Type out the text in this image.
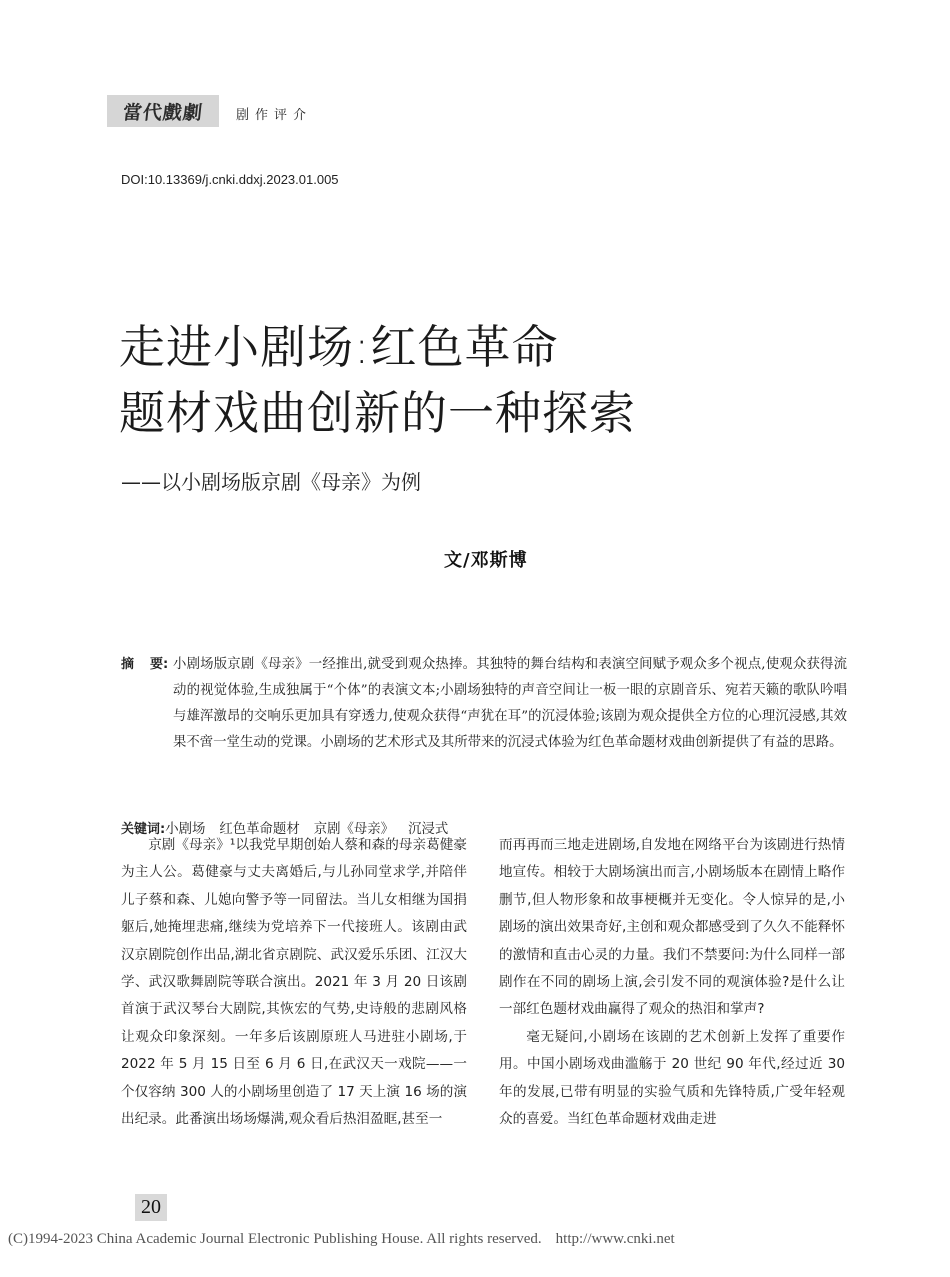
當代戲劇 剧作评介
DOI:10.13369/j.cnki.ddxj.2023.01.005
走进小剧场:红色革命
题材戏曲创新的一种探索
——以小剧场版京剧《母亲》为例
文/邓斯博
摘 要: 小剧场版京剧《母亲》一经推出,就受到观众热捧。其独特的舞台结构和表演空间赋予观众多个视点,使观众获得流动的视觉体验,生成独属于“个体”的表演文本;小剧场独特的声音空间让一板一眼的京剧音乐、宛若天籁的歌队吟唱与雄浑激昂的交响乐更加具有穿透力,使观众获得“声犹在耳”的沉浸体验;该剧为观众提供全方位的心理沉浸感,其效果不啻一堂生动的党课。小剧场的艺术形式及其所带来的沉浸式体验为红色革命题材戏曲创新提供了有益的思路。
关键词:小剧场 红色革命题材 京剧《母亲》 沉浸式

京剧《母亲》¹以我党早期创始人蔡和森的母亲葛健豪为主人公。葛健豪与丈夫离婚后,与儿孙同堂求学,并陪伴儿子蔡和森、儿媳向警予等一同留法。当儿女相继为国捐躯后,她掩埋悲痛,继续为党培养下一代接班人。该剧由武汉京剧院创作出品,湖北省京剧院、武汉爱乐乐团、江汉大学、武汉歌舞剧院等联合演出。2021 年 3 月 20 日该剧首演于武汉琴台大剧院,其恢宏的气势,史诗般的悲剧风格让观众印象深刻。一年多后该剧原班人马进驻小剧场,于 2022 年 5 月 15 日至 6 月 6 日,在武汉天一戏院——一个仅容纳 300 人的小剧场里创造了 17 天上演 16 场的演出纪录。此番演出场场爆满,观众看后热泪盈眶,甚至一

而再再而三地走进剧场,自发地在网络平台为该剧进行热情地宣传。相较于大剧场演出而言,小剧场版本在剧情上略作删节,但人物形象和故事梗概并无变化。令人惊异的是,小剧场的演出效果奇好,主创和观众都感受到了久久不能释怀的激情和直击心灵的力量。我们不禁要问:为什么同样一部剧作在不同的剧场上演,会引发不同的观演体验?是什么让一部红色题材戏曲赢得了观众的热泪和掌声?

毫无疑问,小剧场在该剧的艺术创新上发挥了重要作用。中国小剧场戏曲滥觞于 20 世纪 90 年代,经过近 30 年的发展,已带有明显的实验气质和先锋特质,广受年轻观众的喜爱。当红色革命题材戏曲走进

20
(C)1994-2023 China Academic Journal Electronic Publishing House. All rights reserved. http://www.cnki.net
